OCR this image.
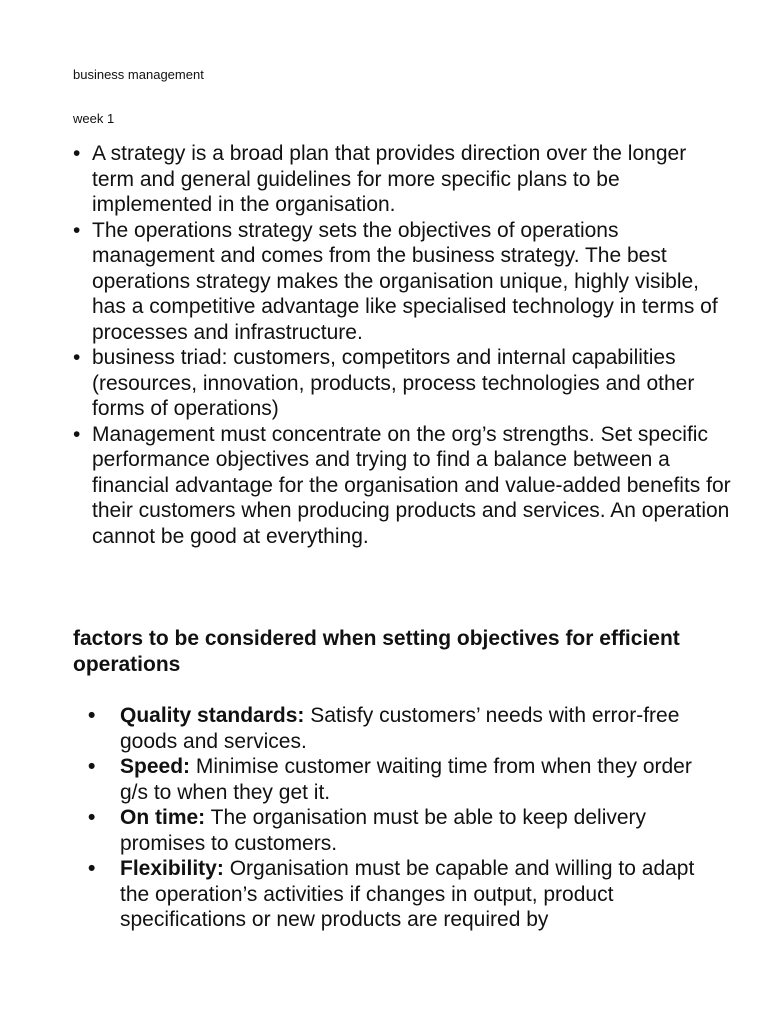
business management

week 1

• A strategy is a broad plan that provides direction over the longer term and general guidelines for more specific plans to be implemented in the organisation.
• The operations strategy sets the objectives of operations management and comes from the business strategy. The best operations strategy makes the organisation unique, highly visible, has a competitive advantage like specialised technology in terms of processes and infrastructure.
• business triad: customers, competitors and internal capabilities (resources, innovation, products, process technologies and other forms of operations)
• Management must concentrate on the org’s strengths. Set specific performance objectives and trying to find a balance between a financial advantage for the organisation and value-added benefits for their customers when producing products and services. An operation cannot be good at everything.
factors to be considered when setting objectives for efficient operations
• Quality standards: Satisfy customers’ needs with error-free goods and services.
• Speed: Minimise customer waiting time from when they order g/s to when they get it.
• On time: The organisation must be able to keep delivery promises to customers.
• Flexibility: Organisation must be capable and willing to adapt the operation’s activities if changes in output, product specifications or new products are required by
